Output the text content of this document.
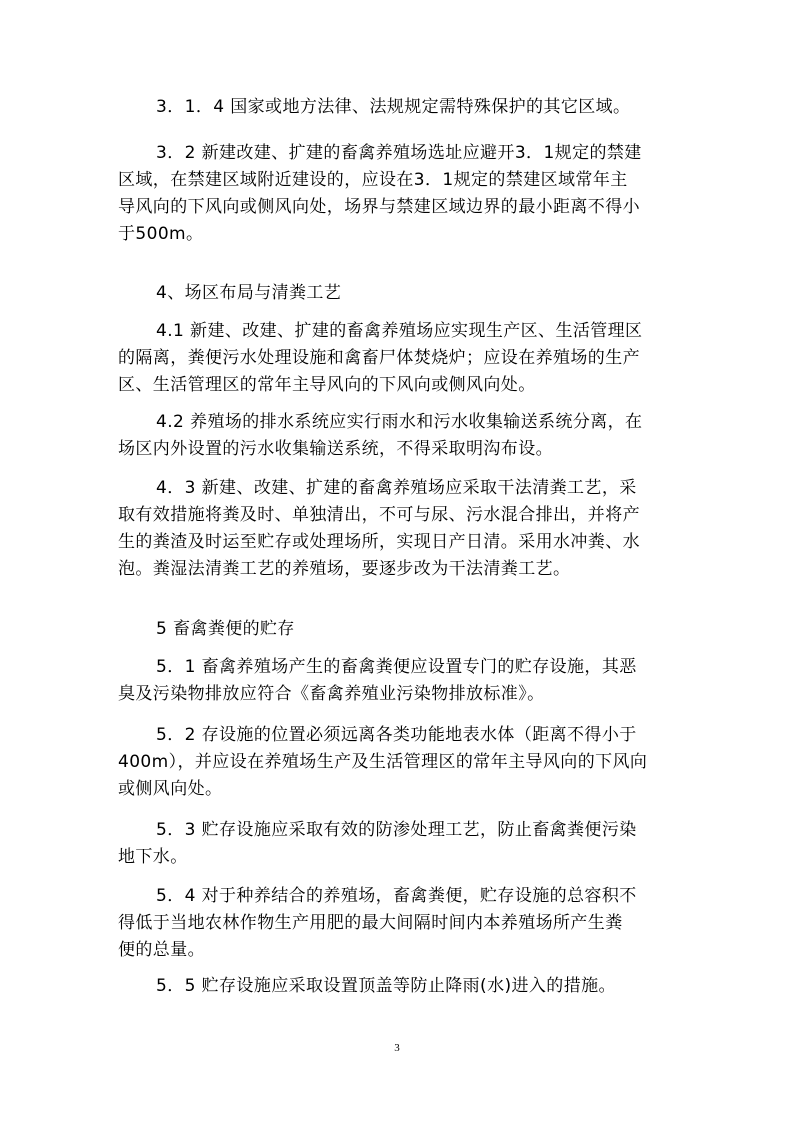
3．1．4 国家或地方法律、法规规定需特殊保护的其它区域。

3．2 新建改建、扩建的畜禽养殖场选址应避开3．1规定的禁建
区域，在禁建区域附近建设的，应设在3．1规定的禁建区域常年主
导风向的下风向或侧风向处，场界与禁建区域边界的最小距离不得小
于500m。

4、场区布局与清粪工艺

4.1 新建、改建、扩建的畜禽养殖场应实现生产区、生活管理区
的隔离，粪便污水处理设施和禽畜尸体焚烧炉；应设在养殖场的生产
区、生活管理区的常年主导风向的下风向或侧风向处。

4.2 养殖场的排水系统应实行雨水和污水收集输送系统分离，在
场区内外设置的污水收集输送系统，不得采取明沟布设。

4．3 新建、改建、扩建的畜禽养殖场应采取干法清粪工艺，采
取有效措施将粪及时、单独清出，不可与尿、污水混合排出，并将产
生的粪渣及时运至贮存或处理场所，实现日产日清。采用水冲粪、水
泡。粪湿法清粪工艺的养殖场，要逐步改为干法清粪工艺。

5 畜禽粪便的贮存

5．1 畜禽养殖场产生的畜禽粪便应设置专门的贮存设施，其恶
臭及污染物排放应符合《畜禽养殖业污染物排放标准》。

5．2 存设施的位置必须远离各类功能地表水体（距离不得小于
400m），并应设在养殖场生产及生活管理区的常年主导风向的下风向
或侧风向处。

5．3 贮存设施应采取有效的防渗处理工艺，防止畜禽粪便污染
地下水。

5．4 对于种养结合的养殖场，畜禽粪便，贮存设施的总容积不
得低于当地农林作物生产用肥的最大间隔时间内本养殖场所产生粪
便的总量。

5．5 贮存设施应采取设置顶盖等防止降雨(水)进入的措施。

3
